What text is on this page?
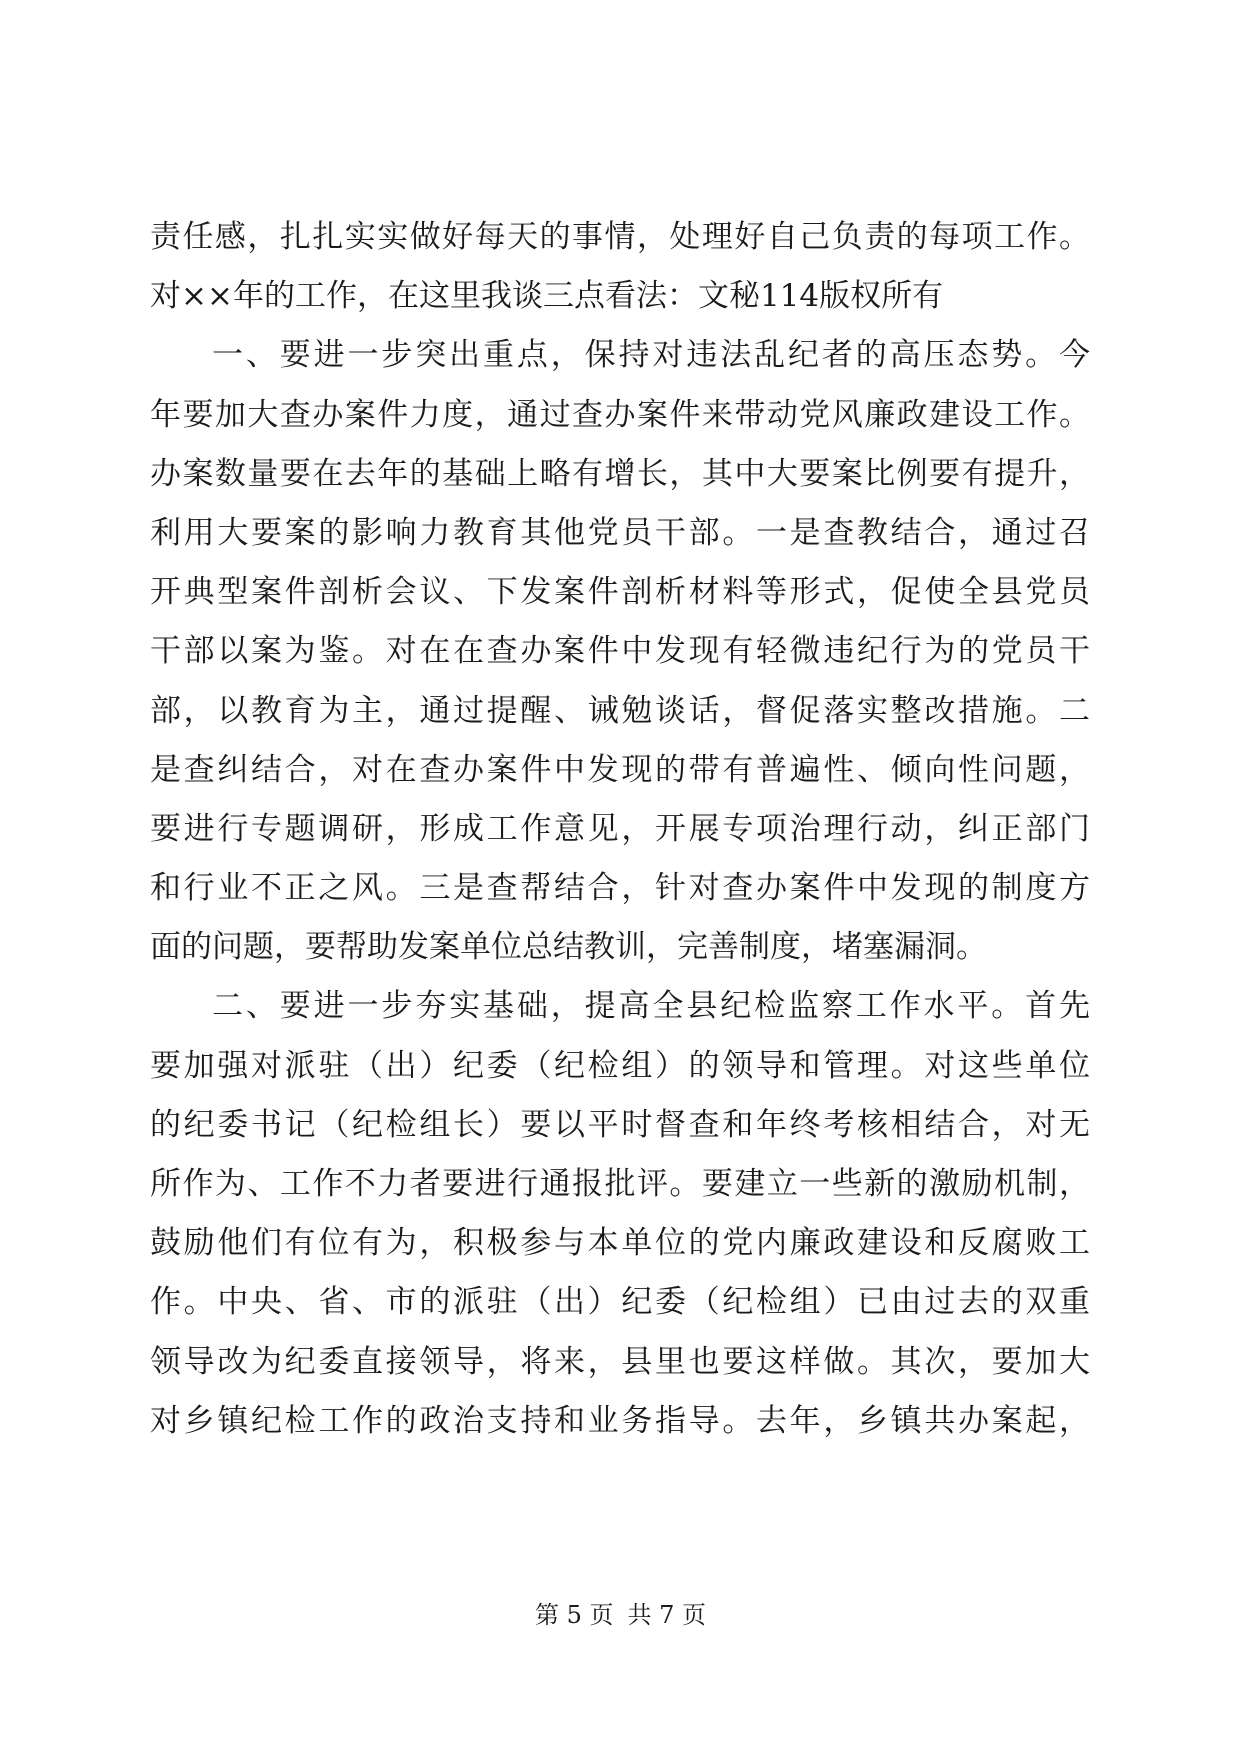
责任感，扎扎实实做好每天的事情，处理好自己负责的每项工作。
对××年的工作，在这里我谈三点看法：文秘114版权所有
一、要进一步突出重点，保持对违法乱纪者的高压态势。今
年要加大查办案件力度，通过查办案件来带动党风廉政建设工作。
办案数量要在去年的基础上略有增长，其中大要案比例要有提升，
利用大要案的影响力教育其他党员干部。一是查教结合，通过召
开典型案件剖析会议、下发案件剖析材料等形式，促使全县党员
干部以案为鉴。对在在查办案件中发现有轻微违纪行为的党员干
部，以教育为主，通过提醒、诫勉谈话，督促落实整改措施。二
是查纠结合，对在查办案件中发现的带有普遍性、倾向性问题，
要进行专题调研，形成工作意见，开展专项治理行动，纠正部门
和行业不正之风。三是查帮结合，针对查办案件中发现的制度方
面的问题，要帮助发案单位总结教训，完善制度，堵塞漏洞。
二、要进一步夯实基础，提高全县纪检监察工作水平。首先
要加强对派驻（出）纪委（纪检组）的领导和管理。对这些单位
的纪委书记（纪检组长）要以平时督查和年终考核相结合，对无
所作为、工作不力者要进行通报批评。要建立一些新的激励机制，
鼓励他们有位有为，积极参与本单位的党内廉政建设和反腐败工
作。中央、省、市的派驻（出）纪委（纪检组）已由过去的双重
领导改为纪委直接领导，将来，县里也要这样做。其次，要加大
对乡镇纪检工作的政治支持和业务指导。去年，乡镇共办案起，
第 5 页 共 7 页
